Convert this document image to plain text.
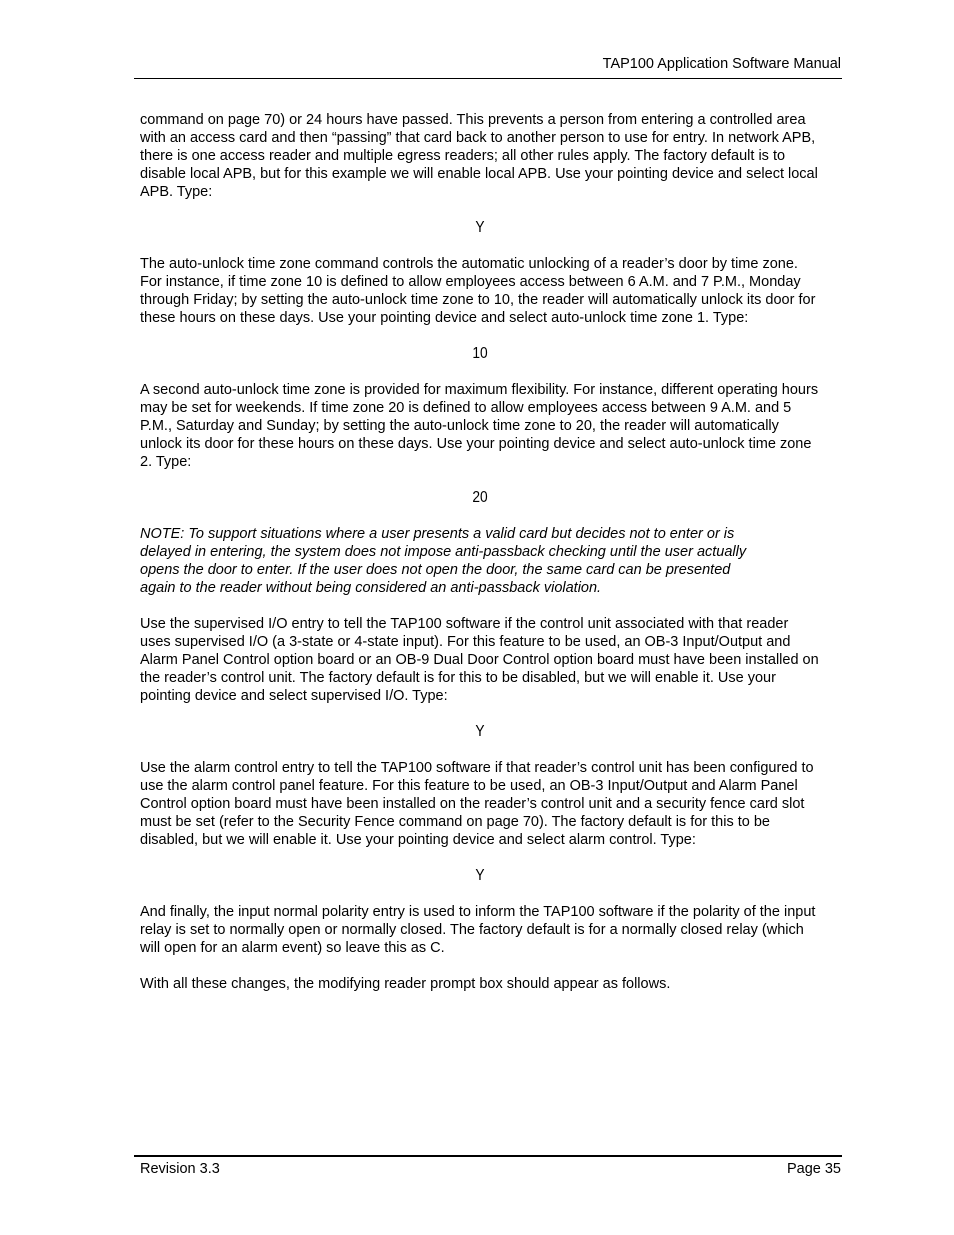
TAP100 Application Software Manual

command on page 70) or 24 hours have passed. This prevents a person from entering a controlled area with an access card and then “passing” that card back to another person to use for entry. In network APB, there is one access reader and multiple egress readers; all other rules apply. The factory default is to disable local APB, but for this example we will enable local APB. Use your pointing device and select local APB. Type:

Y

The auto-unlock time zone command controls the automatic unlocking of a reader’s door by time zone. For instance, if time zone 10 is defined to allow employees access between 6 A.M. and 7 P.M., Monday through Friday; by setting the auto-unlock time zone to 10, the reader will automatically unlock its door for these hours on these days. Use your pointing device and select auto-unlock time zone 1. Type:

10

A second auto-unlock time zone is provided for maximum flexibility. For instance, different operating hours may be set for weekends. If time zone 20 is defined to allow employees access between 9 A.M. and 5 P.M., Saturday and Sunday; by setting the auto-unlock time zone to 20, the reader will automatically unlock its door for these hours on these days. Use your pointing device and select auto-unlock time zone 2. Type:

20

NOTE: To support situations where a user presents a valid card but decides not to enter or is delayed in entering, the system does not impose anti-passback checking until the user actually opens the door to enter. If the user does not open the door, the same card can be presented again to the reader without being considered an anti-passback violation.

Use the supervised I/O entry to tell the TAP100 software if the control unit associated with that reader uses supervised I/O (a 3-state or 4-state input). For this feature to be used, an OB-3 Input/Output and Alarm Panel Control option board or an OB-9 Dual Door Control option board must have been installed on the reader’s control unit. The factory default is for this to be disabled, but we will enable it. Use your pointing device and select supervised I/O. Type:

Y

Use the alarm control entry to tell the TAP100 software if that reader’s control unit has been configured to use the alarm control panel feature. For this feature to be used, an OB-3 Input/Output and Alarm Panel Control option board must have been installed on the reader’s control unit and a security fence card slot must be set (refer to the Security Fence command on page 70). The factory default is for this to be disabled, but we will enable it. Use your pointing device and select alarm control. Type:

Y

And finally, the input normal polarity entry is used to inform the TAP100 software if the polarity of the input relay is set to normally open or normally closed. The factory default is for a normally closed relay (which will open for an alarm event) so leave this as C.

With all these changes, the modifying reader prompt box should appear as follows.

Revision 3.3	Page 35
